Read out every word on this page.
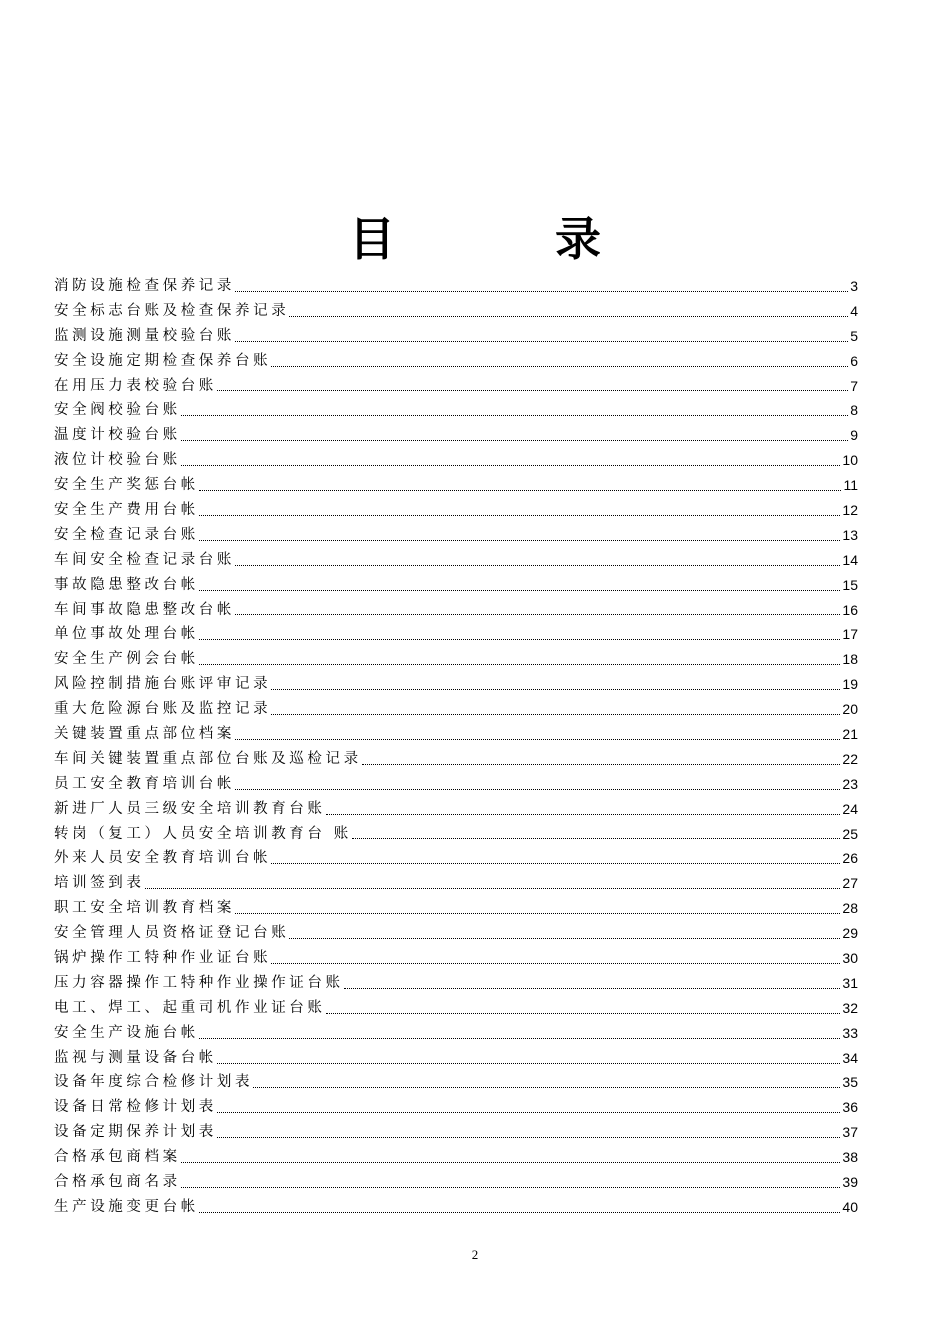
目	录
消防设施检查保养记录	3
安全标志台账及检查保养记录	4
监测设施测量校验台账	5
安全设施定期检查保养台账	6
在用压力表校验台账	7
安全阀校验台账	8
温度计校验台账	9
液位计校验台账	10
安全生产奖惩台帐	11
安全生产费用台帐	12
安全检查记录台账	13
车间安全检查记录台账	14
事故隐患整改台帐	15
车间事故隐患整改台帐	16
单位事故处理台帐	17
安全生产例会台帐	18
风险控制措施台账评审记录	19
重大危险源台账及监控记录	20
关键装置重点部位档案	21
车间关键装置重点部位台账及巡检记录	22
员工安全教育培训台帐	23
新进厂人员三级安全培训教育台账	24
转岗（复工）人员安全培训教育台 账	25
外来人员安全教育培训台帐	26
培训签到表	27
职工安全培训教育档案	28
安全管理人员资格证登记台账	29
锅炉操作工特种作业证台账	30
压力容器操作工特种作业操作证台账	31
电工、焊工、起重司机作业证台账	32
安全生产设施台帐	33
监视与测量设备台帐	34
设备年度综合检修计划表	35
设备日常检修计划表	36
设备定期保养计划表	37
合格承包商档案	38
合格承包商名录	39
生产设施变更台帐	40
2
